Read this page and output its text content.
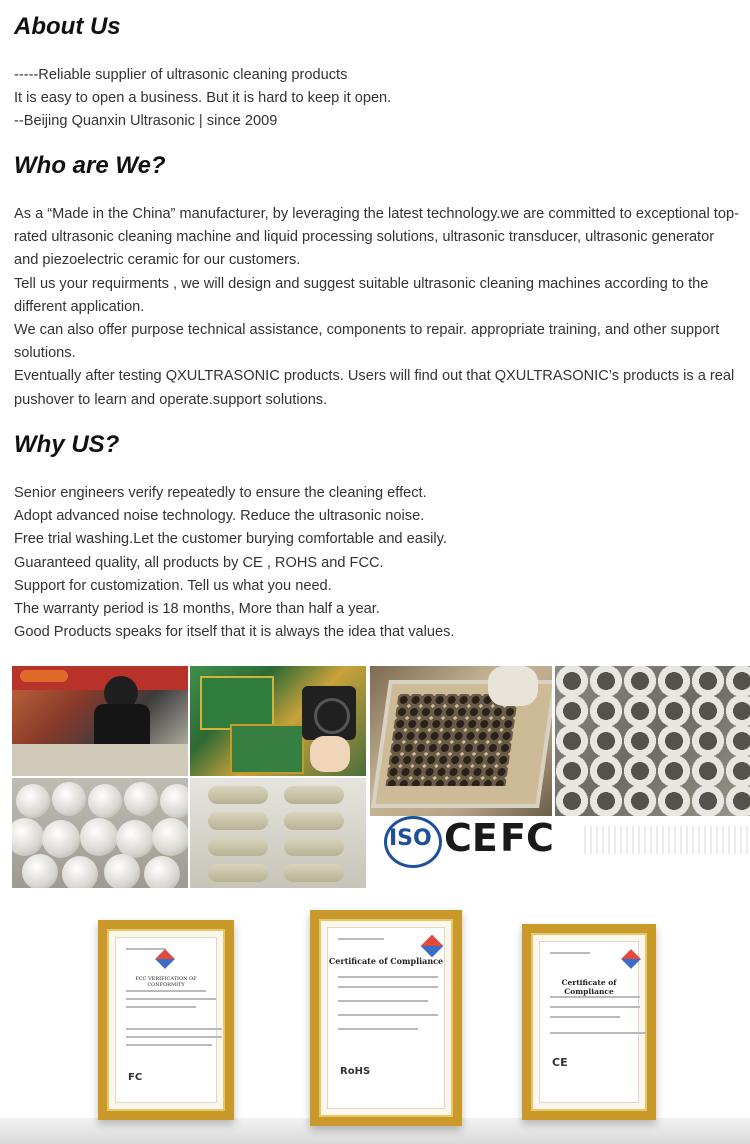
About Us
-----Reliable supplier of ultrasonic cleaning products
It is easy to open a business. But it is hard to keep it open.
--Beijing Quanxin Ultrasonic | since 2009
Who are We?

As a “Made in the China” manufacturer, by leveraging the latest technology.we are committed to exceptional top-rated ultrasonic cleaning machine and liquid processing solutions, ultrasonic transducer, ultrasonic generator and piezoelectric ceramic for our customers.

Tell us your requirments , we will design and suggest suitable ultrasonic cleaning machines according to the different application.

We can also offer purpose technical assistance, components to repair. appropriate training, and other support solutions.

Eventually after testing QXULTRASONIC products. Users will find out that QXULTRASONIC’s products is a real pushover to learn and operate.support solutions.

Why US?
Senior engineers verify repeatedly to ensure the cleaning effect.
Adopt advanced noise technology. Reduce the ultrasonic noise.
Free trial washing.Let the customer burying comfortable and easily.
Guaranteed quality, all products by CE , ROHS and FCC.
Support for customization. Tell us what you need.
The warranty period is 18 months, More than half a year.
Good Products speaks for itself that it is always the idea that values.
ISO CE FC
FCC VERIFICATION OF CONFORMITY
FC
Certificate of Compliance
RoHS
Certificate of Compliance
CE
